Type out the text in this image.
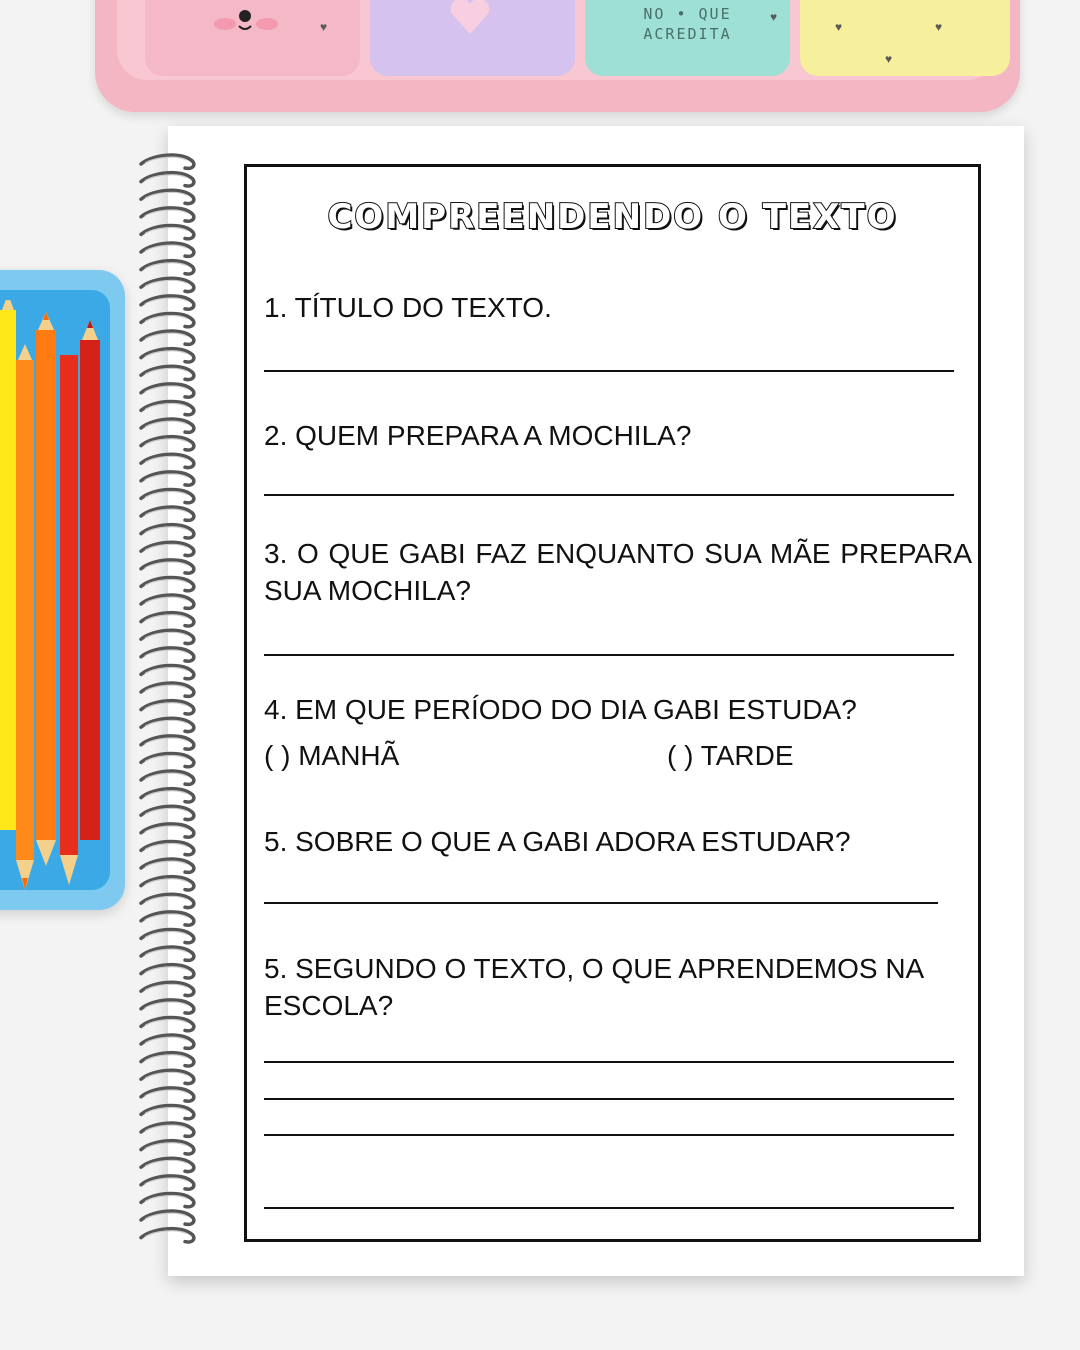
♥
NO • QUE
ACREDITA
♥
♥	♥
♥
COMPREENDENDO O TEXTO
1. TÍTULO DO TEXTO.
2. QUEM PREPARA A MOCHILA?
3. O QUE GABI FAZ ENQUANTO SUA MÃE PREPARA SUA MOCHILA?
4. EM QUE PERÍODO DO DIA GABI ESTUDA?
( ) MANHÃ	( ) TARDE
5. SOBRE O QUE A GABI ADORA ESTUDAR?
5. SEGUNDO O TEXTO, O QUE APRENDEMOS NA ESCOLA?
